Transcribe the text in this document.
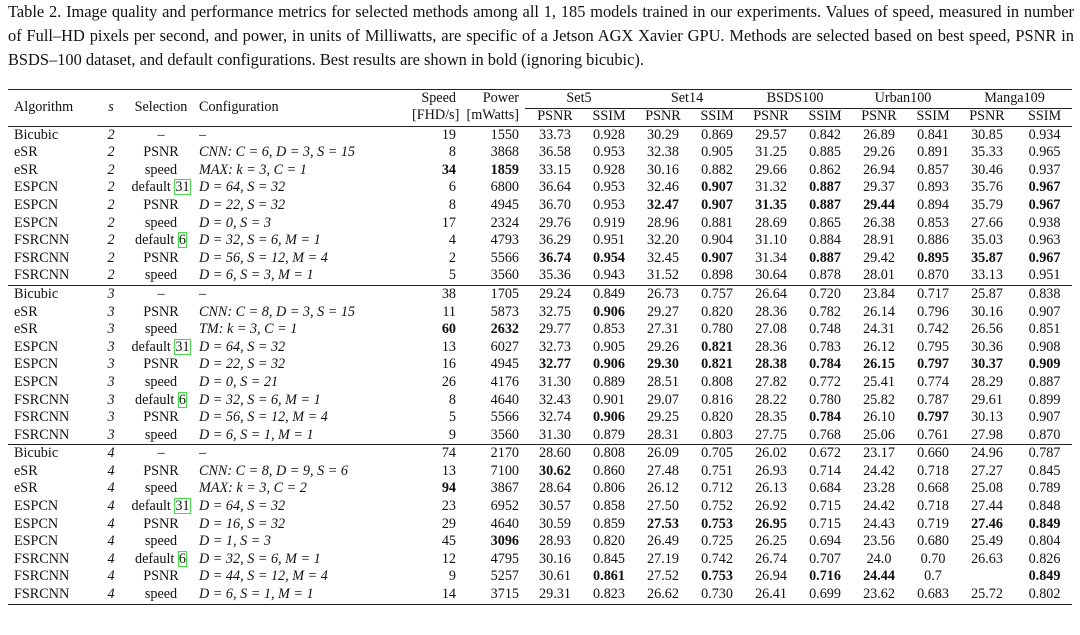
Table 2. Image quality and performance metrics for selected methods among all 1, 185 models trained in our experiments. Values of speed, measured in number of Full–HD pixels per second, and power, in units of Milliwatts, are specific of a Jetson AGX Xavier GPU. Methods are selected based on best speed, PSNR in BSDS–100 dataset, and default configurations. Best results are shown in bold (ignoring bicubic).
Algorithm	s	Selection	Configuration	Speed	Power	Set5		Set14		BSDS100		Urban100		Manga109	
				[FHD/s]	[mWatts]	PSNR	SSIM	PSNR	SSIM	PSNR	SSIM	PSNR	SSIM	PSNR	SSIM
Bicubic	2	–	–	19	1550	33.73	0.928	30.29	0.869	29.57	0.842	26.89	0.841	30.85	0.934
eSR	2	PSNR	CNN: C = 6, D = 3, S = 15	8	3868	36.58	0.953	32.38	0.905	31.25	0.885	29.26	0.891	35.33	0.965
eSR	2	speed	MAX: k = 3, C = 1	34	1859	33.15	0.928	30.16	0.882	29.66	0.862	26.94	0.857	30.46	0.937
ESPCN	2	default 31	D = 64, S = 32	6	6800	36.64	0.953	32.46	0.907	31.32	0.887	29.37	0.893	35.76	0.967
ESPCN	2	PSNR	D = 22, S = 32	8	4945	36.70	0.953	32.47	0.907	31.35	0.887	29.44	0.894	35.79	0.967
ESPCN	2	speed	D = 0, S = 3	17	2324	29.76	0.919	28.96	0.881	28.69	0.865	26.38	0.853	27.66	0.938
FSRCNN	2	default 6	D = 32, S = 6, M = 1	4	4793	36.29	0.951	32.20	0.904	31.10	0.884	28.91	0.886	35.03	0.963
FSRCNN	2	PSNR	D = 56, S = 12, M = 4	2	5566	36.74	0.954	32.45	0.907	31.34	0.887	29.42	0.895	35.87	0.967
FSRCNN	2	speed	D = 6, S = 3, M = 1	5	3560	35.36	0.943	31.52	0.898	30.64	0.878	28.01	0.870	33.13	0.951
Bicubic	3	–	–	38	1705	29.24	0.849	26.73	0.757	26.64	0.720	23.84	0.717	25.87	0.838
eSR	3	PSNR	CNN: C = 8, D = 3, S = 15	11	5873	32.75	0.906	29.27	0.820	28.36	0.782	26.14	0.796	30.16	0.907
eSR	3	speed	TM: k = 3, C = 1	60	2632	29.77	0.853	27.31	0.780	27.08	0.748	24.31	0.742	26.56	0.851
ESPCN	3	default 31	D = 64, S = 32	13	6027	32.73	0.905	29.26	0.821	28.36	0.783	26.12	0.795	30.36	0.908
ESPCN	3	PSNR	D = 22, S = 32	16	4945	32.77	0.906	29.30	0.821	28.38	0.784	26.15	0.797	30.37	0.909
ESPCN	3	speed	D = 0, S = 21	26	4176	31.30	0.889	28.51	0.808	27.82	0.772	25.41	0.774	28.29	0.887
FSRCNN	3	default 6	D = 32, S = 6, M = 1	8	4640	32.43	0.901	29.07	0.816	28.22	0.780	25.82	0.787	29.61	0.899
FSRCNN	3	PSNR	D = 56, S = 12, M = 4	5	5566	32.74	0.906	29.25	0.820	28.35	0.784	26.10	0.797	30.13	0.907
FSRCNN	3	speed	D = 6, S = 1, M = 1	9	3560	31.30	0.879	28.31	0.803	27.75	0.768	25.06	0.761	27.98	0.870
Bicubic	4	–	–	74	2170	28.60	0.808	26.09	0.705	26.02	0.672	23.17	0.660	24.96	0.787
eSR	4	PSNR	CNN: C = 8, D = 9, S = 6	13	7100	30.62	0.860	27.48	0.751	26.93	0.714	24.42	0.718	27.27	0.845
eSR	4	speed	MAX: k = 3, C = 2	94	3867	28.64	0.806	26.12	0.712	26.13	0.684	23.28	0.668	25.08	0.789
ESPCN	4	default 31	D = 64, S = 32	23	6952	30.57	0.858	27.50	0.752	26.92	0.715	24.42	0.718	27.44	0.848
ESPCN	4	PSNR	D = 16, S = 32	29	4640	30.59	0.859	27.53	0.753	26.95	0.715	24.43	0.719	27.46	0.849
ESPCN	4	speed	D = 1, S = 3	45	3096	28.93	0.820	26.49	0.725	26.25	0.694	23.56	0.680	25.49	0.804
FSRCNN	4	default 6	D = 32, S = 6, M = 1	12	4795	30.16	0.845	27.19	0.742	26.74	0.707	24.0	0.70	26.63	0.826
FSRCNN	4	PSNR	D = 44, S = 12, M = 4	9	5257	30.61	0.861	27.52	0.753	26.94	0.716	24.44	0.7		0.849
FSRCNN	4	speed	D = 6, S = 1, M = 1	14	3715	29.31	0.823	26.62	0.730	26.41	0.699	23.62	0.683	25.72	0.802
